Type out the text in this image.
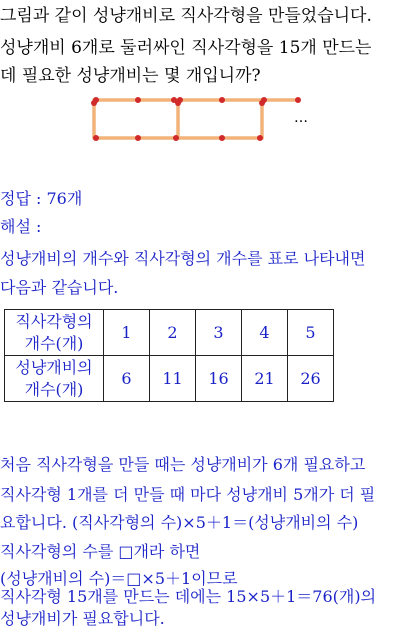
그림과 같이 성냥개비로 직사각형을 만들었습니다.
성냥개비 6개로 둘러싸인 직사각형을 15개 만드는
데 필요한 성냥개비는 몇 개입니까?
…
정답 : 76개
해설 :
성냥개비의 개수와 직사각형의 개수를 표로 나타내면
다음과 같습니다.
직사각형의
개수(개)	1	2	3	4	5
성냥개비의
개수(개)	6	11	16	21	26
처음 직사각형을 만들 때는 성냥개비가 6개 필요하고
직사각형 1개를 더 만들 때 마다 성냥개비 5개가 더 필
요합니다. (직사각형의 수)×5＋1＝(성냥개비의 수)
직사각형의 수를 □개라 하면
(성냥개비의 수)＝□×5＋1이므로
직사각형 15개를 만드는 데에는 15×5＋1＝76(개)의
성냥개비가 필요합니다.
